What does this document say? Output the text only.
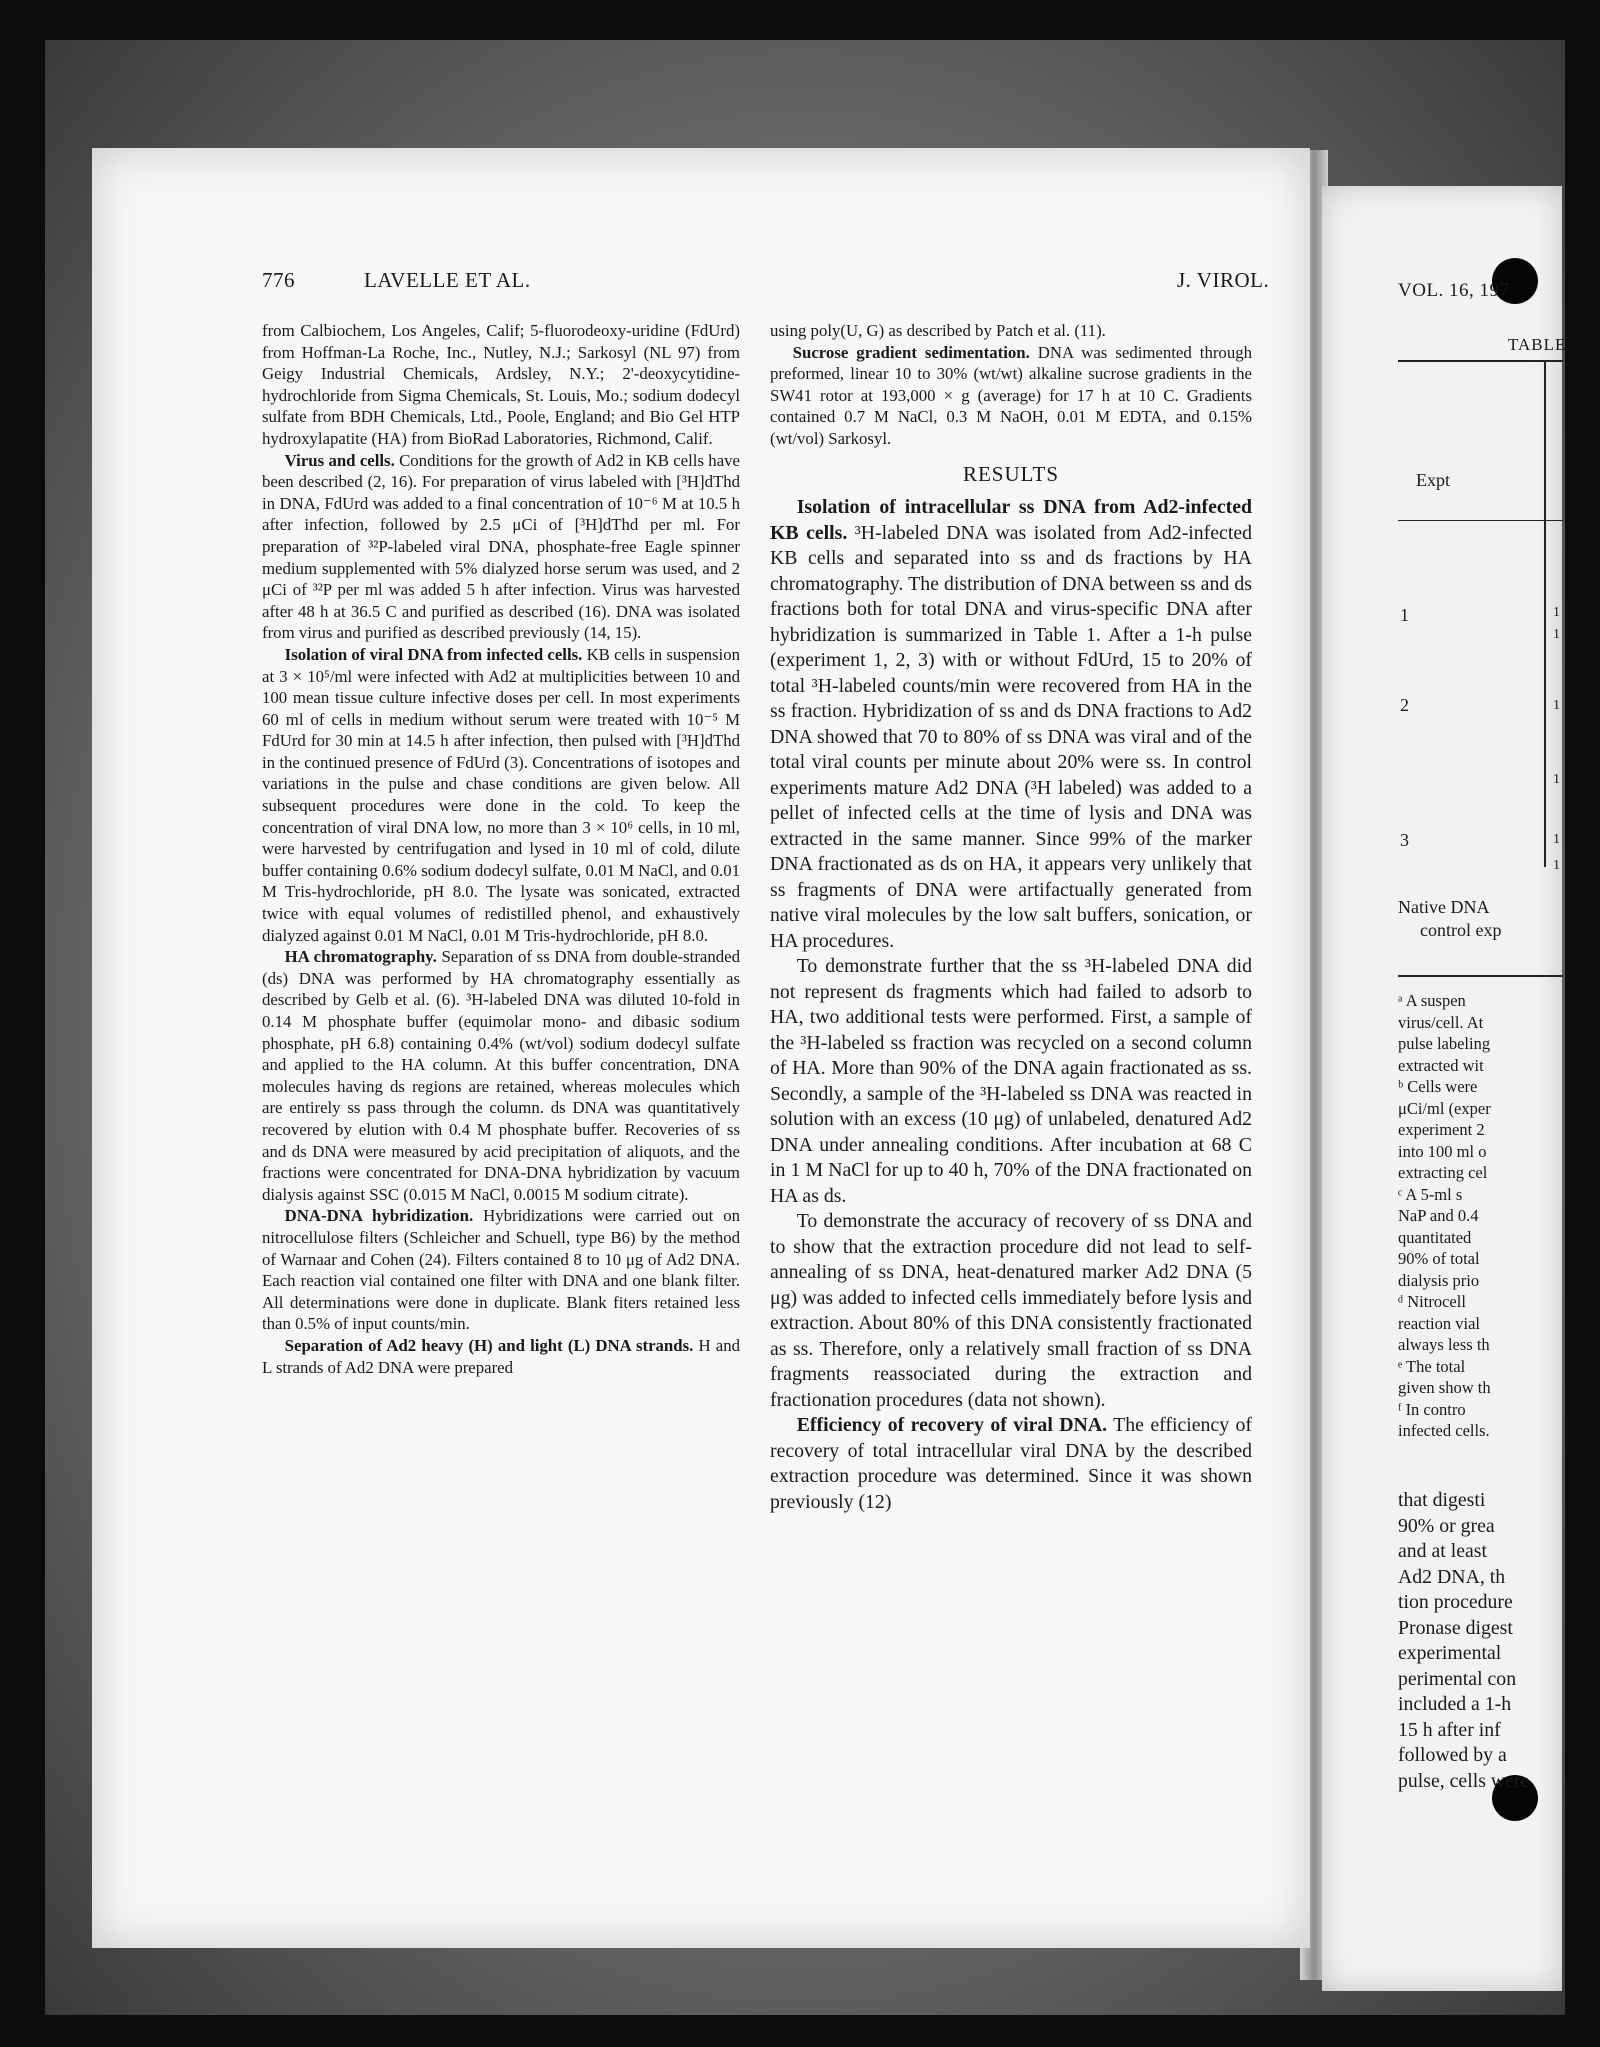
776	LAVELLE ET AL.	J. VIROL.

from Calbiochem, Los Angeles, Calif; 5-fluorodeoxy-uridine (FdUrd) from Hoffman-La Roche, Inc., Nutley, N.J.; Sarkosyl (NL 97) from Geigy Industrial Chemicals, Ardsley, N.Y.; 2'-deoxycytidine-hydrochloride from Sigma Chemicals, St. Louis, Mo.; sodium dodecyl sulfate from BDH Chemicals, Ltd., Poole, England; and Bio Gel HTP hydroxylapatite (HA) from BioRad Laboratories, Richmond, Calif.

Virus and cells. Conditions for the growth of Ad2 in KB cells have been described (2, 16). For preparation of virus labeled with [³H]dThd in DNA, FdUrd was added to a final concentration of 10⁻⁶ M at 10.5 h after infection, followed by 2.5 μCi of [³H]dThd per ml. For preparation of ³²P-labeled viral DNA, phosphate-free Eagle spinner medium supplemented with 5% dialyzed horse serum was used, and 2 μCi of ³²P per ml was added 5 h after infection. Virus was harvested after 48 h at 36.5 C and purified as described (16). DNA was isolated from virus and purified as described previously (14, 15).

Isolation of viral DNA from infected cells. KB cells in suspension at 3 × 10⁵/ml were infected with Ad2 at multiplicities between 10 and 100 mean tissue culture infective doses per cell. In most experiments 60 ml of cells in medium without serum were treated with 10⁻⁵ M FdUrd for 30 min at 14.5 h after infection, then pulsed with [³H]dThd in the continued presence of FdUrd (3). Concentrations of isotopes and variations in the pulse and chase conditions are given below. All subsequent procedures were done in the cold. To keep the concentration of viral DNA low, no more than 3 × 10⁶ cells, in 10 ml, were harvested by centrifugation and lysed in 10 ml of cold, dilute buffer containing 0.6% sodium dodecyl sulfate, 0.01 M NaCl, and 0.01 M Tris-hydrochloride, pH 8.0. The lysate was sonicated, extracted twice with equal volumes of redistilled phenol, and exhaustively dialyzed against 0.01 M NaCl, 0.01 M Tris-hydrochloride, pH 8.0.

HA chromatography. Separation of ss DNA from double-stranded (ds) DNA was performed by HA chromatography essentially as described by Gelb et al. (6). ³H-labeled DNA was diluted 10-fold in 0.14 M phosphate buffer (equimolar mono- and dibasic sodium phosphate, pH 6.8) containing 0.4% (wt/vol) sodium dodecyl sulfate and applied to the HA column. At this buffer concentration, DNA molecules having ds regions are retained, whereas molecules which are entirely ss pass through the column. ds DNA was quantitatively recovered by elution with 0.4 M phosphate buffer. Recoveries of ss and ds DNA were measured by acid precipitation of aliquots, and the fractions were concentrated for DNA-DNA hybridization by vacuum dialysis against SSC (0.015 M NaCl, 0.0015 M sodium citrate).

DNA-DNA hybridization. Hybridizations were carried out on nitrocellulose filters (Schleicher and Schuell, type B6) by the method of Warnaar and Cohen (24). Filters contained 8 to 10 μg of Ad2 DNA. Each reaction vial contained one filter with DNA and one blank filter. All determinations were done in duplicate. Blank fiters retained less than 0.5% of input counts/min.

Separation of Ad2 heavy (H) and light (L) DNA strands. H and L strands of Ad2 DNA were prepared

using poly(U, G) as described by Patch et al. (11).

Sucrose gradient sedimentation. DNA was sedimented through preformed, linear 10 to 30% (wt/wt) alkaline sucrose gradients in the SW41 rotor at 193,000 × g (average) for 17 h at 10 C. Gradients contained 0.7 M NaCl, 0.3 M NaOH, 0.01 M EDTA, and 0.15% (wt/vol) Sarkosyl.

RESULTS

Isolation of intracellular ss DNA from Ad2-infected KB cells. ³H-labeled DNA was isolated from Ad2-infected KB cells and separated into ss and ds fractions by HA chromatography. The distribution of DNA between ss and ds fractions both for total DNA and virus-specific DNA after hybridization is summarized in Table 1. After a 1-h pulse (experiment 1, 2, 3) with or without FdUrd, 15 to 20% of total ³H-labeled counts/min were recovered from HA in the ss fraction. Hybridization of ss and ds DNA fractions to Ad2 DNA showed that 70 to 80% of ss DNA was viral and of the total viral counts per minute about 20% were ss. In control experiments mature Ad2 DNA (³H labeled) was added to a pellet of infected cells at the time of lysis and DNA was extracted in the same manner. Since 99% of the marker DNA fractionated as ds on HA, it appears very unlikely that ss fragments of DNA were artifactually generated from native viral molecules by the low salt buffers, sonication, or HA procedures.

To demonstrate further that the ss ³H-labeled DNA did not represent ds fragments which had failed to adsorb to HA, two additional tests were performed. First, a sample of the ³H-labeled ss fraction was recycled on a second column of HA. More than 90% of the DNA again fractionated as ss. Secondly, a sample of the ³H-labeled ss DNA was reacted in solution with an excess (10 μg) of unlabeled, denatured Ad2 DNA under annealing conditions. After incubation at 68 C in 1 M NaCl for up to 40 h, 70% of the DNA fractionated on HA as ds.

To demonstrate the accuracy of recovery of ss DNA and to show that the extraction procedure did not lead to self-annealing of ss DNA, heat-denatured marker Ad2 DNA (5 μg) was added to infected cells immediately before lysis and extraction. About 80% of this DNA consistently fractionated as ss. Therefore, only a relatively small fraction of ss DNA fragments reassociated during the extraction and fractionation procedures (data not shown).

Efficiency of recovery of viral DNA. The efficiency of recovery of total intracellular viral DNA by the described extraction procedure was determined. Since it was shown previously (12)

VOL. 16, 197
TABLE
Expt
1
2
3
1
1
1
1
1
1
Native DNA
control exp
ᵃ A suspen
virus/cell. At
pulse labeling
extracted wit
ᵇ Cells were
μCi/ml (exper
experiment 2
into 100 ml o
extracting cel
ᶜ A 5-ml s
NaP and 0.4
quantitated
90% of total
dialysis prio
ᵈ Nitrocell
reaction vial
always less th
ᵉ The total
given show th
ᶠ In contro
infected cells.
that digesti
90% or grea
and at least
Ad2 DNA, th
tion procedure
Pronase digest
experimental
perimental con
included a 1-h
15 h after inf
followed by a
pulse, cells were
